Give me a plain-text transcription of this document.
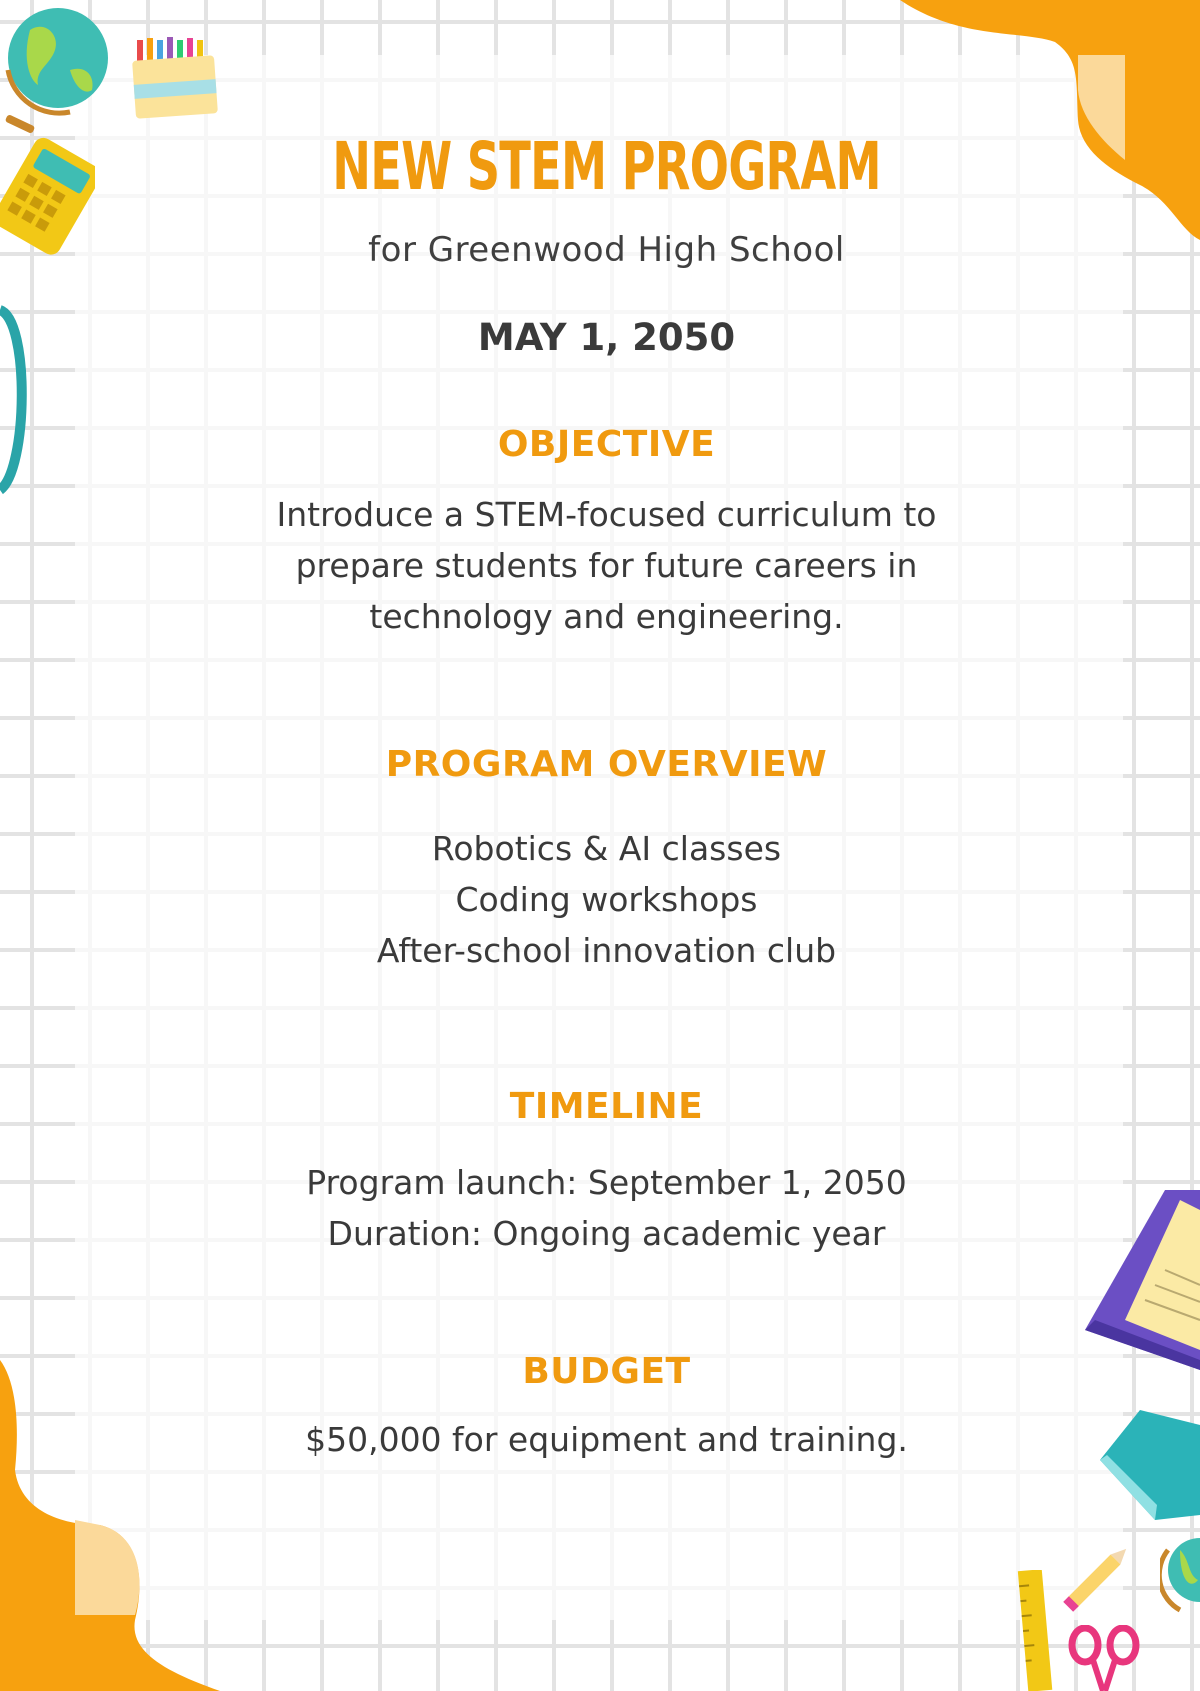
NEW STEM PROGRAM

for Greenwood High School

MAY 1, 2050

OBJECTIVE
Introduce a STEM-focused curriculum to
prepare students for future careers in
technology and engineering.
PROGRAM OVERVIEW
Robotics & AI classes
Coding workshops
After-school innovation club
TIMELINE
Program launch: September 1, 2050
Duration: Ongoing academic year
BUDGET
$50,000 for equipment and training.
